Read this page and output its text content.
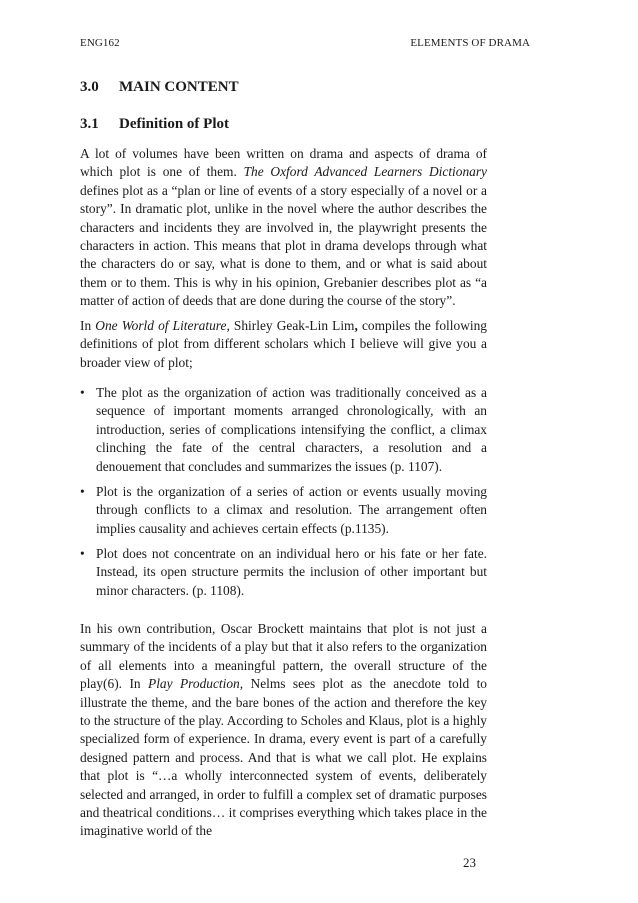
ENG162	ELEMENTS OF DRAMA
3.0 MAIN CONTENT
3.1 Definition of Plot

A lot of volumes have been written on drama and aspects of drama of which plot is one of them. The Oxford Advanced Learners Dictionary defines plot as a “plan or line of events of a story especially of a novel or a story”. In dramatic plot, unlike in the novel where the author describes the characters and incidents they are involved in, the playwright presents the characters in action. This means that plot in drama develops through what the characters do or say, what is done to them, and or what is said about them or to them. This is why in his opinion, Grebanier describes plot as “a matter of action of deeds that are done during the course of the story”.

In One World of Literature, Shirley Geak-Lin Lim, compiles the following definitions of plot from different scholars which I believe will give you a broader view of plot;

• The plot as the organization of action was traditionally conceived as a sequence of important moments arranged chronologically, with an introduction, series of complications intensifying the conflict, a climax clinching the fate of the central characters, a resolution and a denouement that concludes and summarizes the issues (p. 1107).
• Plot is the organization of a series of action or events usually moving through conflicts to a climax and resolution. The arrangement often implies causality and achieves certain effects (p.1135).
• Plot does not concentrate on an individual hero or his fate or her fate. Instead, its open structure permits the inclusion of other important but minor characters. (p. 1108).

In his own contribution, Oscar Brockett maintains that plot is not just a summary of the incidents of a play but that it also refers to the organization of all elements into a meaningful pattern, the overall structure of the play(6). In Play Production, Nelms sees plot as the anecdote told to illustrate the theme, and the bare bones of the action and therefore the key to the structure of the play. According to Scholes and Klaus, plot is a highly specialized form of experience. In drama, every event is part of a carefully designed pattern and process. And that is what we call plot. He explains that plot is “…a wholly interconnected system of events, deliberately selected and arranged, in order to fulfill a complex set of dramatic purposes and theatrical conditions… it comprises everything which takes place in the imaginative world of the

23
